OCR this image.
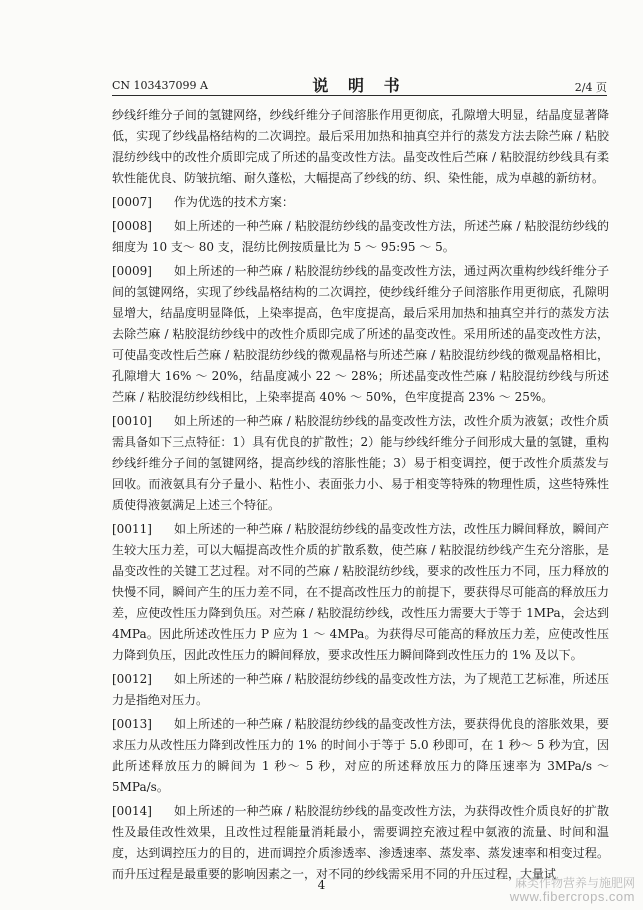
CN 103437099 A	说 明 书	2/4 页

纱线纤维分子间的氢键网络，纱线纤维分子间溶胀作用更彻底，孔隙增大明显，结晶度显著降低，实现了纱线晶格结构的二次调控。最后采用加热和抽真空并行的蒸发方法去除苎麻 / 粘胶混纺纱线中的改性介质即完成了所述的晶变改性方法。晶变改性后苎麻 / 粘胶混纺纱线具有柔软性能优良、防皱抗缩、耐久蓬松，大幅提高了纱线的纺、织、染性能，成为卓越的新纺材。

[0007] 作为优选的技术方案：

[0008] 如上所述的一种苎麻 / 粘胶混纺纱线的晶变改性方法，所述苎麻 / 粘胶混纺纱线的细度为 10 支～ 80 支，混纺比例按质量比为 5 ～ 95:95 ～ 5。

[0009] 如上所述的一种苎麻 / 粘胶混纺纱线的晶变改性方法，通过两次重构纱线纤维分子间的氢键网络，实现了纱线晶格结构的二次调控，使纱线纤维分子间溶胀作用更彻底，孔隙明显增大，结晶度明显降低，上染率提高，色牢度提高，最后采用加热和抽真空并行的蒸发方法去除苎麻 / 粘胶混纺纱线中的改性介质即完成了所述的晶变改性。采用所述的晶变改性方法，可使晶变改性后苎麻 / 粘胶混纺纱线的微观晶格与所述苎麻 / 粘胶混纺纱线的微观晶格相比，孔隙增大 16% ～ 20%，结晶度减小 22 ～ 28%；所述晶变改性苎麻 / 粘胶混纺纱线与所述苎麻 / 粘胶混纺纱线相比，上染率提高 40% ～ 50%，色牢度提高 23% ～ 25%。

[0010] 如上所述的一种苎麻 / 粘胶混纺纱线的晶变改性方法，改性介质为液氨；改性介质需具备如下三点特征：1）具有优良的扩散性；2）能与纱线纤维分子间形成大量的氢键，重构纱线纤维分子间的氢键网络，提高纱线的溶胀性能；3）易于相变调控，便于改性介质蒸发与回收。而液氨具有分子量小、粘性小、表面张力小、易于相变等特殊的物理性质，这些特殊性质使得液氨满足上述三个特征。

[0011] 如上所述的一种苎麻 / 粘胶混纺纱线的晶变改性方法，改性压力瞬间释放，瞬间产生较大压力差，可以大幅提高改性介质的扩散系数，使苎麻 / 粘胶混纺纱线产生充分溶胀，是晶变改性的关键工艺过程。对不同的苎麻 / 粘胶混纺纱线，要求的改性压力不同，压力释放的快慢不同，瞬间产生的压力差不同，在不提高改性压力的前提下，要获得尽可能高的释放压力差，应使改性压力降到负压。对苎麻 / 粘胶混纺纱线，改性压力需要大于等于 1MPa，会达到 4MPa。因此所述改性压力 P 应为 1 ～ 4MPa。为获得尽可能高的释放压力差，应使改性压力降到负压，因此改性压力的瞬间释放，要求改性压力瞬间降到改性压力的 1% 及以下。

[0012] 如上所述的一种苎麻 / 粘胶混纺纱线的晶变改性方法，为了规范工艺标准，所述压力是指绝对压力。

[0013] 如上所述的一种苎麻 / 粘胶混纺纱线的晶变改性方法，要获得优良的溶胀效果，要求压力从改性压力降到改性压力的 1% 的时间小于等于 5.0 秒即可，在 1 秒～ 5 秒为宜，因此所述释放压力的瞬间为 1 秒～ 5 秒，对应的所述释放压力的降压速率为 3MPa/s ～ 5MPa/s。

[0014] 如上所述的一种苎麻 / 粘胶混纺纱线的晶变改性方法，为获得改性介质良好的扩散性及最佳改性效果，且改性过程能量消耗最小，需要调控充液过程中氨液的流量、时间和温度，达到调控压力的目的，进而调控介质渗透率、渗透速率、蒸发率、蒸发速率和相变过程。而升压过程是最重要的影响因素之一，对不同的纱线需采用不同的升压过程，大量试

4	麻类作物营养与施肥网
www.fibercrops.com
